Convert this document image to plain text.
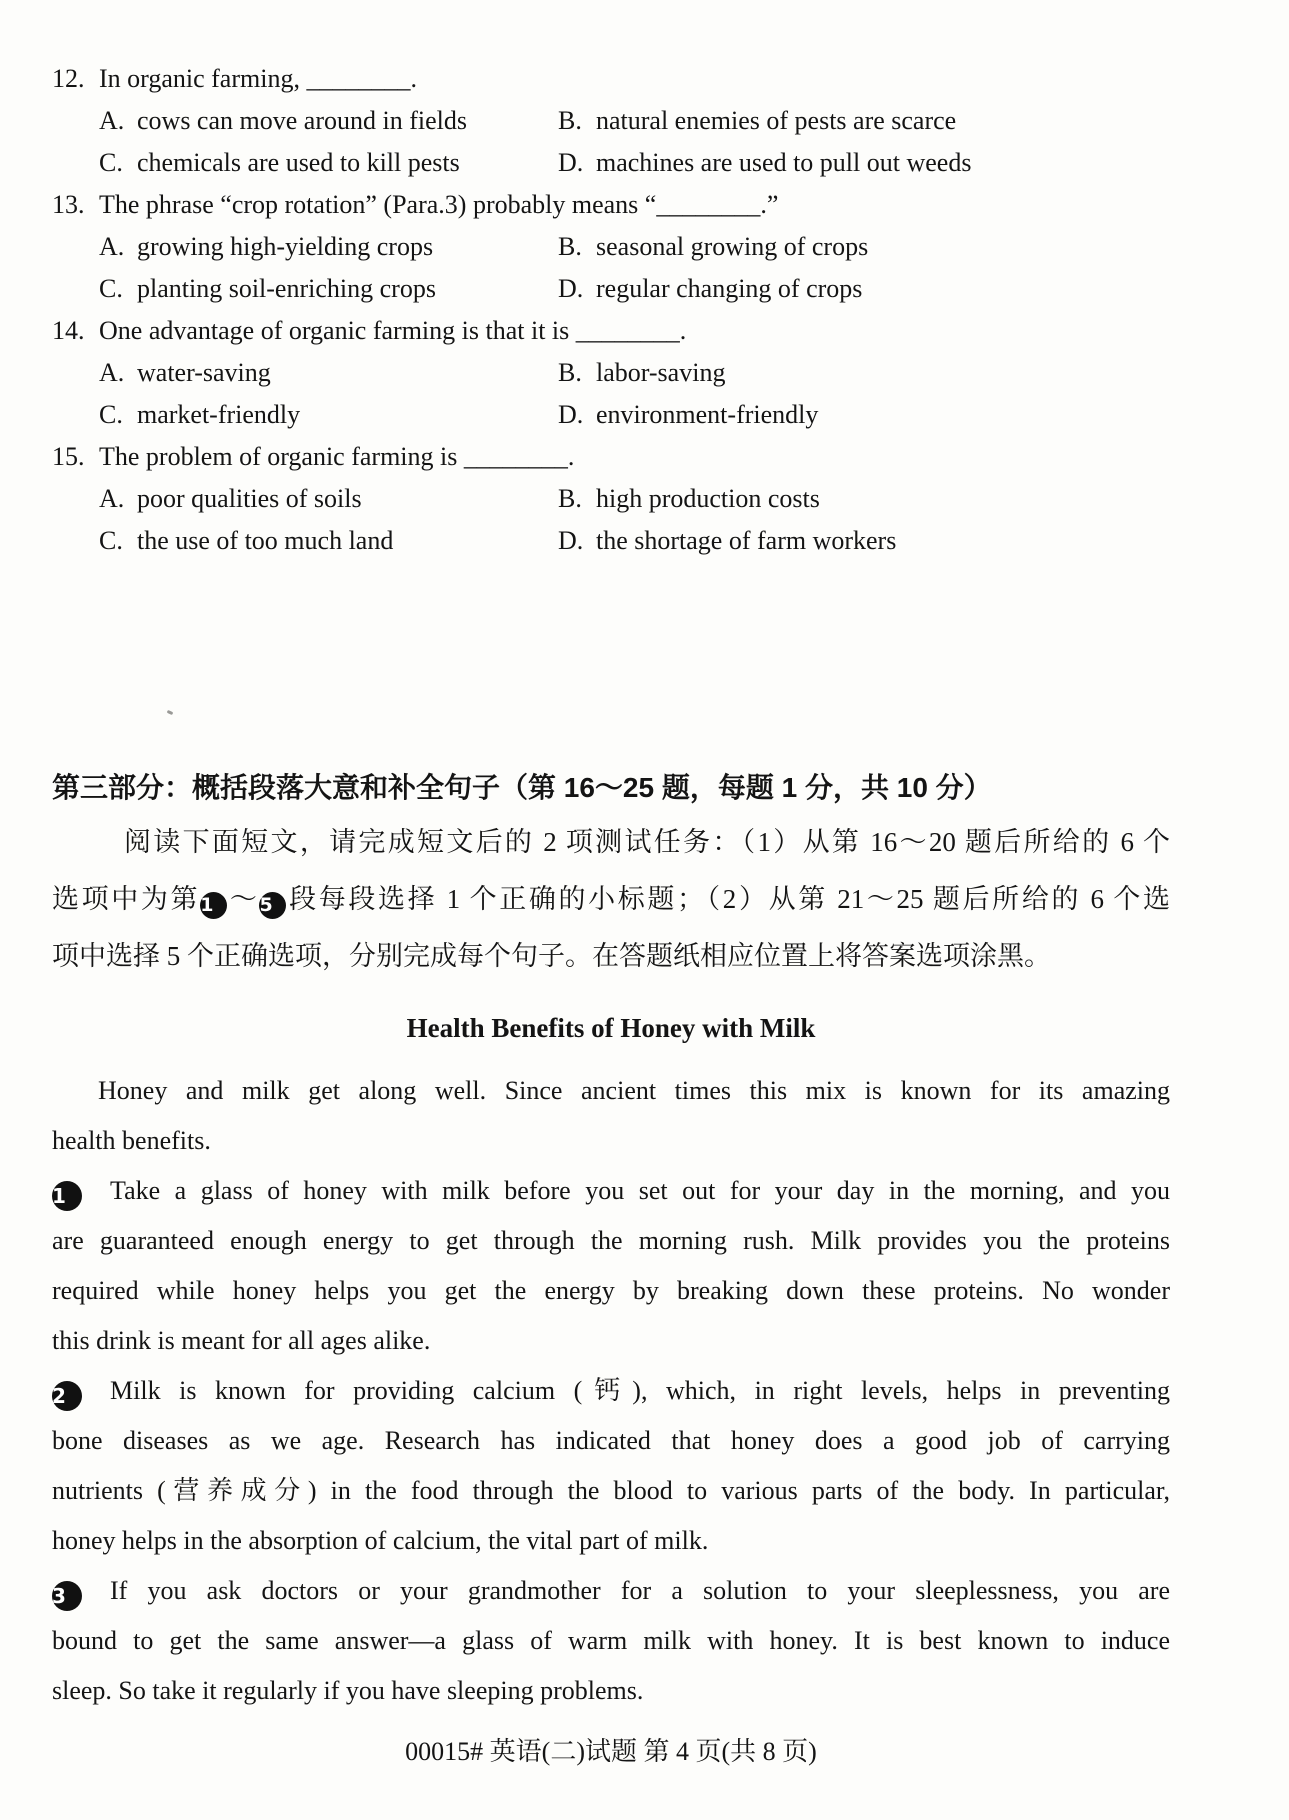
12. In organic farming, ________.
A. cows can move around in fields	B. natural enemies of pests are scarce
C. chemicals are used to kill pests	D. machines are used to pull out weeds
13. The phrase “crop rotation” (Para.3) probably means “________.”
A. growing high-yielding crops	B. seasonal growing of crops
C. planting soil-enriching crops	D. regular changing of crops
14. One advantage of organic farming is that it is ________.
A. water-saving	B. labor-saving
C. market-friendly	D. environment-friendly
15. The problem of organic farming is ________.
A. poor qualities of soils	B. high production costs
C. the use of too much land	D. the shortage of farm workers
第三部分：概括段落大意和补全句子（第 16～25 题，每题 1 分，共 10 分）
阅读下面短文，请完成短文后的 2 项测试任务：（1）从第 16～20 题后所给的 6 个
选项中为第1 ～5 段每段选择 1 个正确的小标题；（2）从第 21～25 题后所给的 6 个选
项中选择 5 个正确选项，分别完成每个句子。在答题纸相应位置上将答案选项涂黑。
Health Benefits of Honey with Milk
Honey and milk get along well. Since ancient times this mix is known for its amazing
health benefits.
1 Take a glass of honey with milk before you set out for your day in the morning, and you
are guaranteed enough energy to get through the morning rush. Milk provides you the proteins
required while honey helps you get the energy by breaking down these proteins. No wonder
this drink is meant for all ages alike.
2 Milk is known for providing calcium (钙), which, in right levels, helps in preventing
bone diseases as we age. Research has indicated that honey does a good job of carrying
nutrients (营养成分) in the food through the blood to various parts of the body. In particular,
honey helps in the absorption of calcium, the vital part of milk.
3 If you ask doctors or your grandmother for a solution to your sleeplessness, you are
bound to get the same answer—a glass of warm milk with honey. It is best known to induce
sleep. So take it regularly if you have sleeping problems.
00015# 英语(二)试题 第 4 页(共 8 页)
